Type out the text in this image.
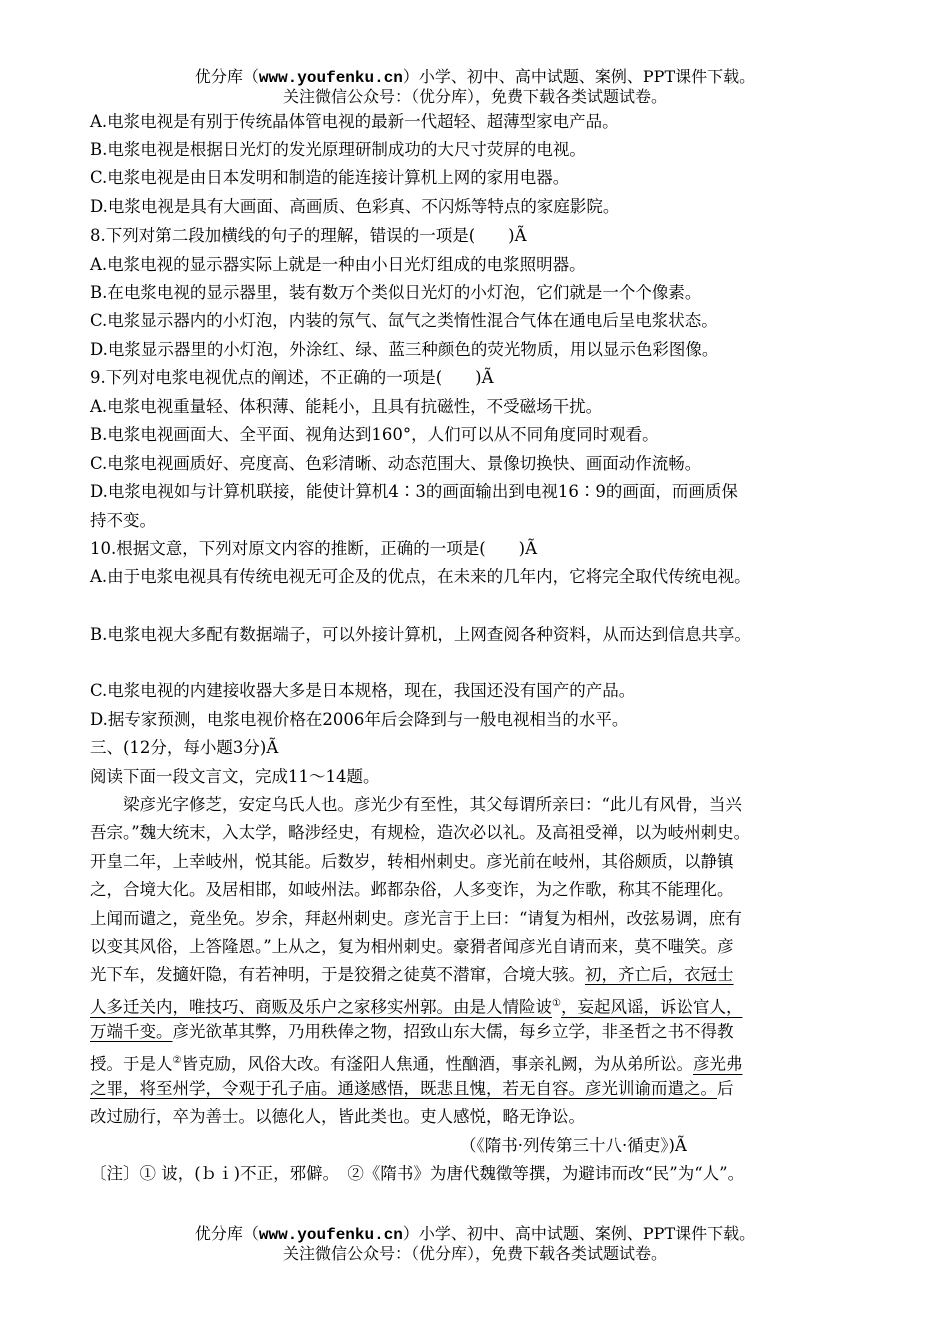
优分库（www.youfenku.cn）小学、初中、高中试题、案例、PPT课件下载。
关注微信公众号：（优分库），免费下载各类试题试卷。
A.电浆电视是有别于传统晶体管电视的最新一代超轻、超薄型家电产品。
B.电浆电视是根据日光灯的发光原理研制成功的大尺寸荧屏的电视。
C.电浆电视是由日本发明和制造的能连接计算机上网的家用电器。
D.电浆电视是具有大画面、高画质、色彩真、不闪烁等特点的家庭影院。
8.下列对第二段加横线的句子的理解，错误的一项是(　　)Ã
A.电浆电视的显示器实际上就是一种由小日光灯组成的电浆照明器。
B.在电浆电视的显示器里，装有数万个类似日光灯的小灯泡，它们就是一个个像素。
C.电浆显示器内的小灯泡，内装的氖气、氙气之类惰性混合气体在通电后呈电浆状态。
D.电浆显示器里的小灯泡，外涂红、绿、蓝三种颜色的荧光物质，用以显示色彩图像。
9.下列对电浆电视优点的阐述，不正确的一项是(　　)Ã
A.电浆电视重量轻、体积薄、能耗小，且具有抗磁性，不受磁场干扰。
B.电浆电视画面大、全平面、视角达到160°，人们可以从不同角度同时观看。
C.电浆电视画质好、亮度高、色彩清晰、动态范围大、景像切换快、画面动作流畅。
D.电浆电视如与计算机联接，能使计算机4∶3的画面输出到电视16∶9的画面，而画质保
持不变。
10.根据文意，下列对原文内容的推断，正确的一项是(　　)Ã
A.由于电浆电视具有传统电视无可企及的优点，在未来的几年内，它将完全取代传统电视。
B.电浆电视大多配有数据端子，可以外接计算机，上网查阅各种资料，从而达到信息共享。
C.电浆电视的内建接收器大多是日本规格，现在，我国还没有国产的产品。
D.据专家预测，电浆电视价格在2006年后会降到与一般电视相当的水平。
三、(12分，每小题3分)Ã
阅读下面一段文言文，完成11～14题。
　　梁彦光字修芝，安定乌氏人也。彦光少有至性，其父每谓所亲曰：“此儿有风骨，当兴
吾宗。”魏大统末，入太学，略涉经史，有规检，造次必以礼。及高祖受禅，以为岐州刺史。
开皇二年，上幸岐州，悦其能。后数岁，转相州刺史。彦光前在岐州，其俗颇质，以静镇
之，合境大化。及居相邯，如岐州法。邺都杂俗，人多变诈，为之作歌，称其不能理化。
上闻而谴之，竟坐免。岁余，拜赵州刺史。彦光言于上曰：“请复为相州，改弦易调，庶有
以变其风俗，上答隆恩。”上从之，复为相州刺史。豪猾者闻彦光自请而来，莫不嗤笑。彦
光下车，发擿奸隐，有若神明，于是狡猾之徒莫不潜窜，合境大骇。初，齐亡后，衣冠士
人多迁关内，唯技巧、商贩及乐户之家移实州郭。由是人情险诐①，妄起风谣，诉讼官人，
万端千变。彦光欲革其弊，乃用秩俸之物，招致山东大儒，每乡立学，非圣哲之书不得教
授。于是人②皆克励，风俗大改。有滏阳人焦通，性酗酒，事亲礼阙，为从弟所讼。彦光弗
之罪，将至州学，令观于孔子庙。通遂感悟，既悲且愧，若无自容。彦光训谕而遣之。后
改过励行，卒为善士。以德化人，皆此类也。吏人感悦，略无诤讼。
（《隋书·列传第三十八·循吏》)Ã
〔注〕① 诐，(ｂｉ)不正，邪僻。　②《隋书》为唐代魏徵等撰，为避讳而改“民”为“人”。
优分库（www.youfenku.cn）小学、初中、高中试题、案例、PPT课件下载。
关注微信公众号：（优分库），免费下载各类试题试卷。
